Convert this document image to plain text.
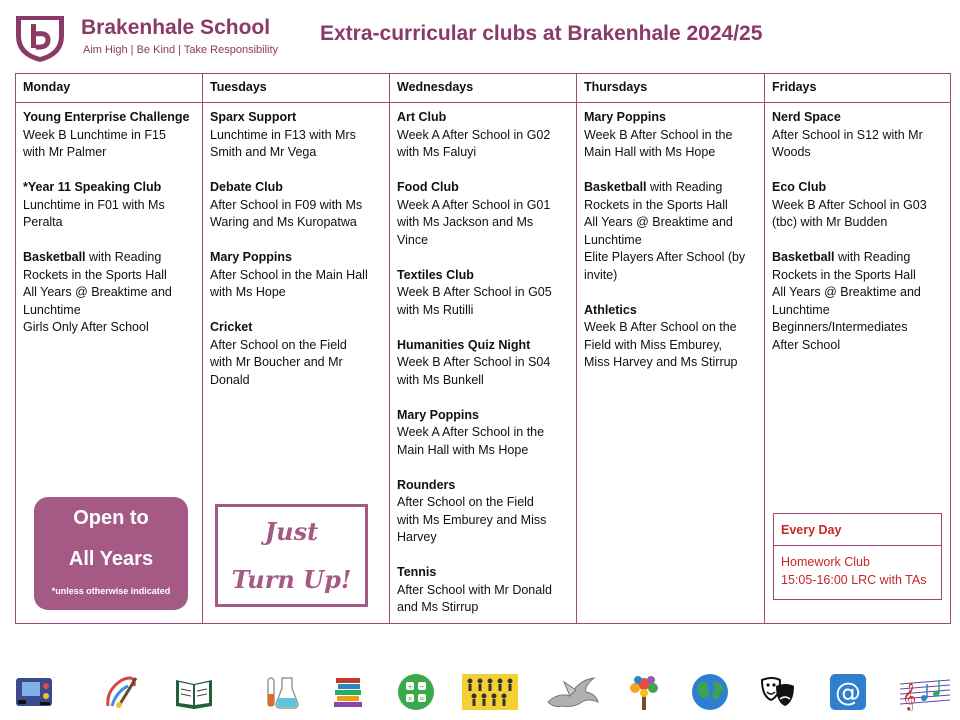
Brakenhale School
Aim High | Be Kind | Take Responsibility
Extra-curricular clubs at Brakenhale 2024/25
Monday
Young Enterprise Challenge
Week B Lunchtime in F15
with Mr Palmer
*Year 11 Speaking Club
Lunchtime in F01 with Ms
Peralta
Basketball with Reading
Rockets in the Sports Hall
All Years @ Breaktime and
Lunchtime
Girls Only After School
Tuesdays
Sparx Support
Lunchtime in F13 with Mrs
Smith and Mr Vega
Debate Club
After School in F09 with Ms
Waring and Ms Kuropatwa
Mary Poppins
After School in the Main Hall
with Ms Hope
Cricket
After School on the Field
with Mr Boucher and Mr
Donald
Wednesdays
Art Club
Week A After School in G02
with Ms Faluyi
Food Club
Week A After School in G01
with Ms Jackson and Ms
Vince
Textiles Club
Week B After School in G05
with Ms Rutilli
Humanities Quiz Night
Week B After School in S04
with Ms Bunkell
Mary Poppins
Week A After School in the
Main Hall with Ms Hope
Rounders
After School on the Field
with Ms Emburey and Miss
Harvey
Tennis
After School with Mr Donald
and Ms Stirrup
Thursdays
Mary Poppins
Week B After School in the
Main Hall with Ms Hope
Basketball with Reading
Rockets in the Sports Hall
All Years @ Breaktime and
Lunchtime
Elite Players After School (by
invite)
Athletics
Week B After School on the
Field with Miss Emburey,
Miss Harvey and Ms Stirrup
Fridays
Nerd Space
After School in S12 with Mr
Woods
Eco Club
Week B After School in G03
(tbc) with Mr Budden
Basketball with Reading
Rockets in the Sports Hall
All Years @ Breaktime and
Lunchtime
Beginners/Intermediates
After School
Open to
All Years
*unless otherwise indicated
Just
Turn Up!
Every Day
Homework Club
15:05-16:00 LRC with TAs
+ −
× =	@ 𝄞
